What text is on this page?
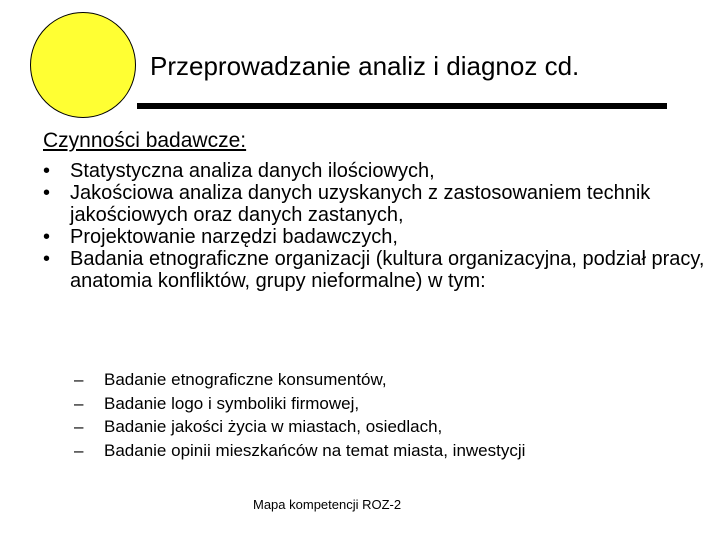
Przeprowadzanie analiz i diagnoz cd.
Czynności badawcze:
• Statystyczna analiza danych ilościowych,
• Jakościowa analiza danych uzyskanych z zastosowaniem technik jakościowych oraz danych zastanych,
• Projektowanie narzędzi badawczych,
• Badania etnograficzne organizacji (kultura organizacyjna, podział pracy, anatomia konfliktów, grupy nieformalne) w tym:
– Badanie etnograficzne konsumentów,
– Badanie logo i symboliki firmowej,
– Badanie jakości życia w miastach, osiedlach,
– Badanie opinii mieszkańców na temat miasta, inwestycji
Mapa kompetencji ROZ-2
